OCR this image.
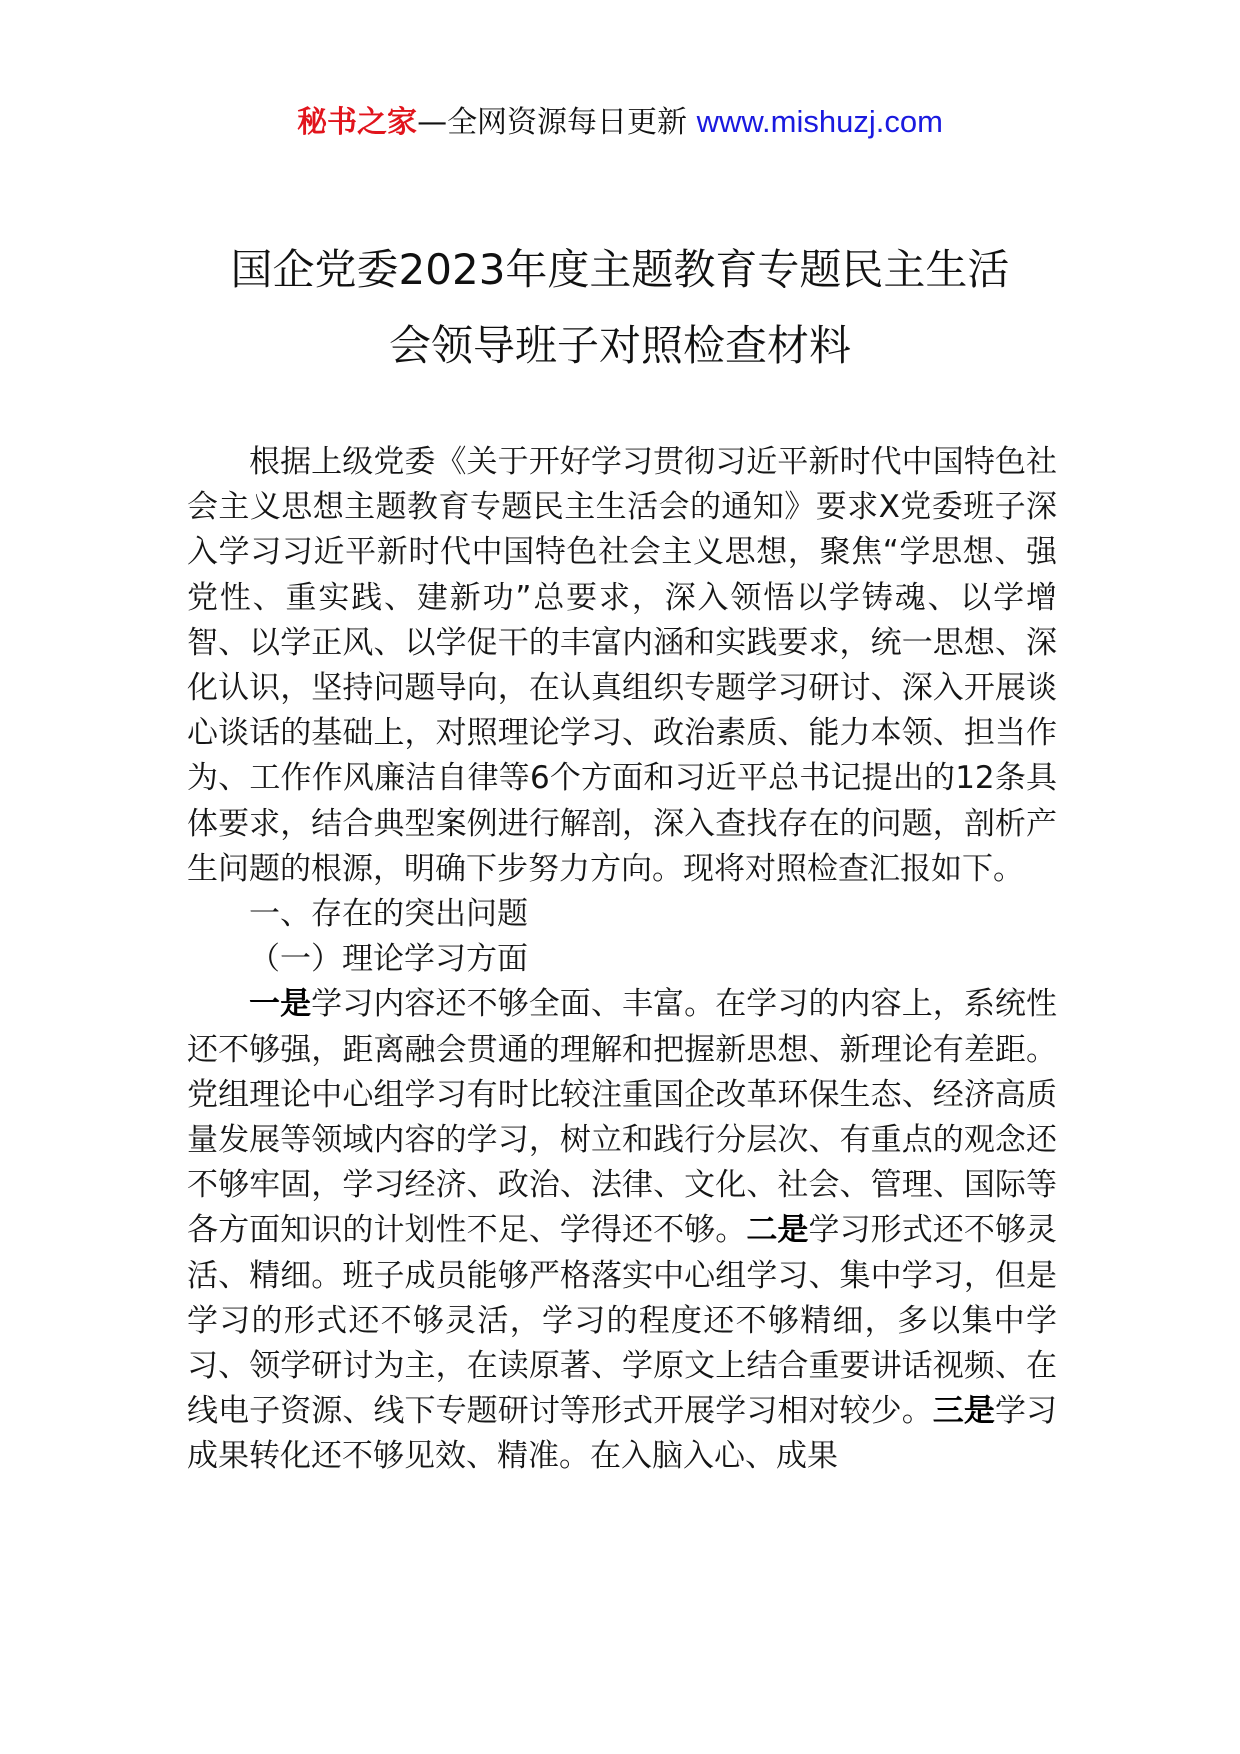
秘书之家—全网资源每日更新 www.mishuzj.com
国企党委2023年度主题教育专题民主生活
会领导班子对照检查材料

根据上级党委《关于开好学习贯彻习近平新时代中国特色社会主义思想主题教育专题民主生活会的通知》要求X党委班子深入学习习近平新时代中国特色社会主义思想，聚焦“学思想、强党性、重实践、建新功”总要求，深入领悟以学铸魂、以学增智、以学正风、以学促干的丰富内涵和实践要求，统一思想、深化认识，坚持问题导向，在认真组织专题学习研讨、深入开展谈心谈话的基础上，对照理论学习、政治素质、能力本领、担当作为、工作作风廉洁自律等6个方面和习近平总书记提出的12条具体要求，结合典型案例进行解剖，深入查找存在的问题，剖析产生问题的根源，明确下步努力方向。现将对照检查汇报如下。

一、存在的突出问题

（一）理论学习方面

一是学习内容还不够全面、丰富。在学习的内容上，系统性还不够强，距离融会贯通的理解和把握新思想、新理论有差距。党组理论中心组学习有时比较注重国企改革环保生态、经济高质量发展等领域内容的学习，树立和践行分层次、有重点的观念还不够牢固，学习经济、政治、法律、文化、社会、管理、国际等各方面知识的计划性不足、学得还不够。二是学习形式还不够灵活、精细。班子成员能够严格落实中心组学习、集中学习，但是学习的形式还不够灵活，学习的程度还不够精细，多以集中学习、领学研讨为主，在读原著、学原文上结合重要讲话视频、在线电子资源、线下专题研讨等形式开展学习相对较少。三是学习成果转化还不够见效、精准。在入脑入心、成果
